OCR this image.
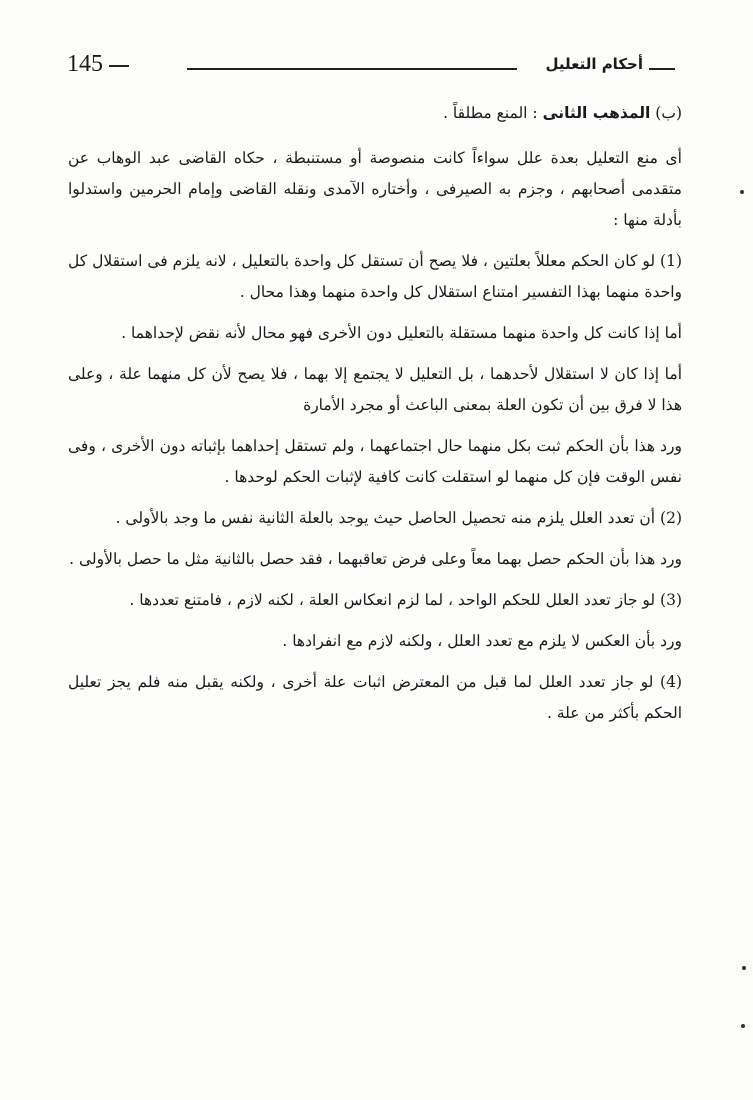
145	أحكام التعليل

(ب) المذهب الثانى : المنع مطلقاً .

أى منع التعليل بعدة علل سواءاً كانت منصوصة أو مستنبطة ، حكاه القاضى عبد الوهاب عن متقدمى أصحابهم ، وجزم به الصيرفى ، وأختاره الآمدى ونقله القاضى وإمام الحرمين واستدلوا بأدلة منها :

(1) لو كان الحكم معللاً بعلتين ، فلا يصح أن تستقل كل واحدة بالتعليل ، لانه يلزم فى استقلال كل واحدة منهما بهذا التفسير امتناع استقلال كل واحدة منهما وهذا محال .

أما إذا كانت كل واحدة منهما مستقلة بالتعليل دون الأخرى فهو محال لأنه نقض لإحداهما .

أما إذا كان لا استقلال لأحدهما ، بل التعليل لا يجتمع إلا بهما ، فلا يصح لأن كل منهما علة ، وعلى هذا لا فرق بين أن تكون العلة بمعنى الباعث أو مجرد الأمارة

ورد هذا بأن الحكم ثبت بكل منهما حال اجتماعهما ، ولم تستقل إحداهما بإثباته دون الأخرى ، وفى نفس الوقت فإن كل منهما لو استقلت كانت كافية لإثبات الحكم لوحدها .

(2) أن تعدد العلل يلزم منه تحصيل الحاصل حيث يوجد بالعلة الثانية نفس ما وجد بالأولى .

ورد هذا بأن الحكم حصل بهما معاً وعلى فرض تعاقبهما ، فقد حصل بالثانية مثل ما حصل بالأولى .

(3) لو جاز تعدد العلل للحكم الواحد ، لما لزم انعكاس العلة ، لكنه لازم ، فامتنع تعددها .

ورد بأن العكس لا يلزم مع تعدد العلل ، ولكنه لازم مع انفرادها .

(4) لو جاز تعدد العلل لما قبل من المعترض اثبات علة أخرى ، ولكنه يقبل منه فلم يجز تعليل الحكم بأكثر من علة .
